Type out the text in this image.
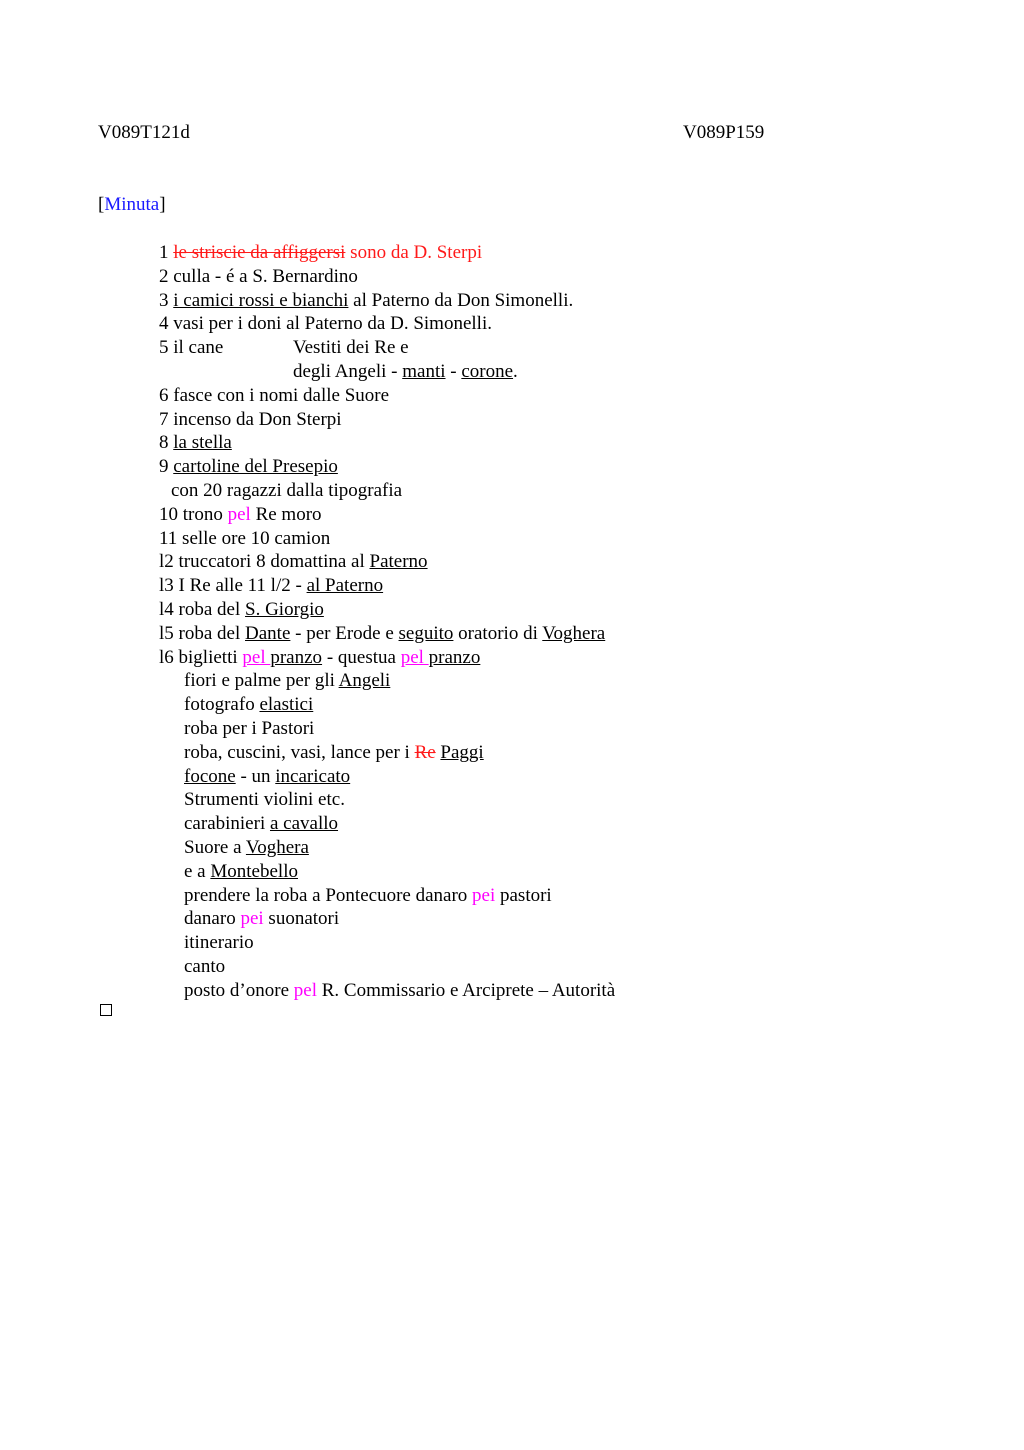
V089T121d	V089P159
[Minuta]
1 le striscie da affiggersi sono da D. Sterpi
2 culla - é a S. Bernardino
3 i camici rossi e bianchi al Paterno da Don Simonelli.
4 vasi per i doni al Paterno da D. Simonelli.
5 il cane	Vestiti dei Re e
degli Angeli - manti - corone.
6 fasce con i nomi dalle Suore
7 incenso da Don Sterpi
8 la stella
9 cartoline del Presepio
con 20 ragazzi dalla tipografia
10 trono pel Re moro
11 selle ore 10 camion
l2 truccatori 8 domattina al Paterno
l3 I Re alle 11 l/2 - al Paterno
l4 roba del S. Giorgio
l5 roba del Dante - per Erode e seguito oratorio di Voghera
l6 biglietti pel pranzo - questua pel pranzo
fiori e palme per gli Angeli
fotografo elastici
roba per i Pastori
roba, cuscini, vasi, lance per i Re Paggi
focone - un incaricato
Strumenti violini etc.
carabinieri a cavallo
Suore a Voghera
e a Montebello
prendere la roba a Pontecuore danaro pei pastori
danaro pei suonatori
itinerario
canto
posto d’onore pel R. Commissario e Arciprete – Autorità
